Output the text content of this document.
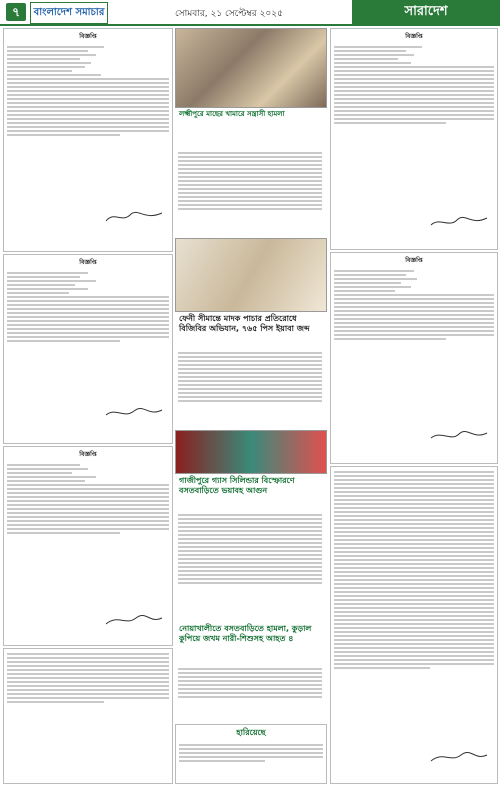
৭	বাংলাদেশ সমাচার	সোমবার, ২১ সেপ্টেম্বর ২০২৫	সারাদেশ
বিজ্ঞপ্তি
বিজ্ঞপ্তি
বিজ্ঞপ্তি
লক্ষ্মীপুরে মাছের খামারে সন্ত্রাসী হামলা
ফেনী সীমান্তে মাদক পাচার প্রতিরোধে বিজিবির অভিযান, ৭৬৫ পিস ইয়াবা জব্দ
গাজীপুরে গ্যাস সিলিন্ডার বিস্ফোরণে বসতবাড়িতে ভয়াবহ আগুন
নোয়াখালীতে বসতবাড়িতে হামলা, কুড়াল কুপিয়ে জখম নারী-শিশুসহ আহত ৪
হারিয়েছে
বিজ্ঞপ্তি
বিজ্ঞপ্তি
